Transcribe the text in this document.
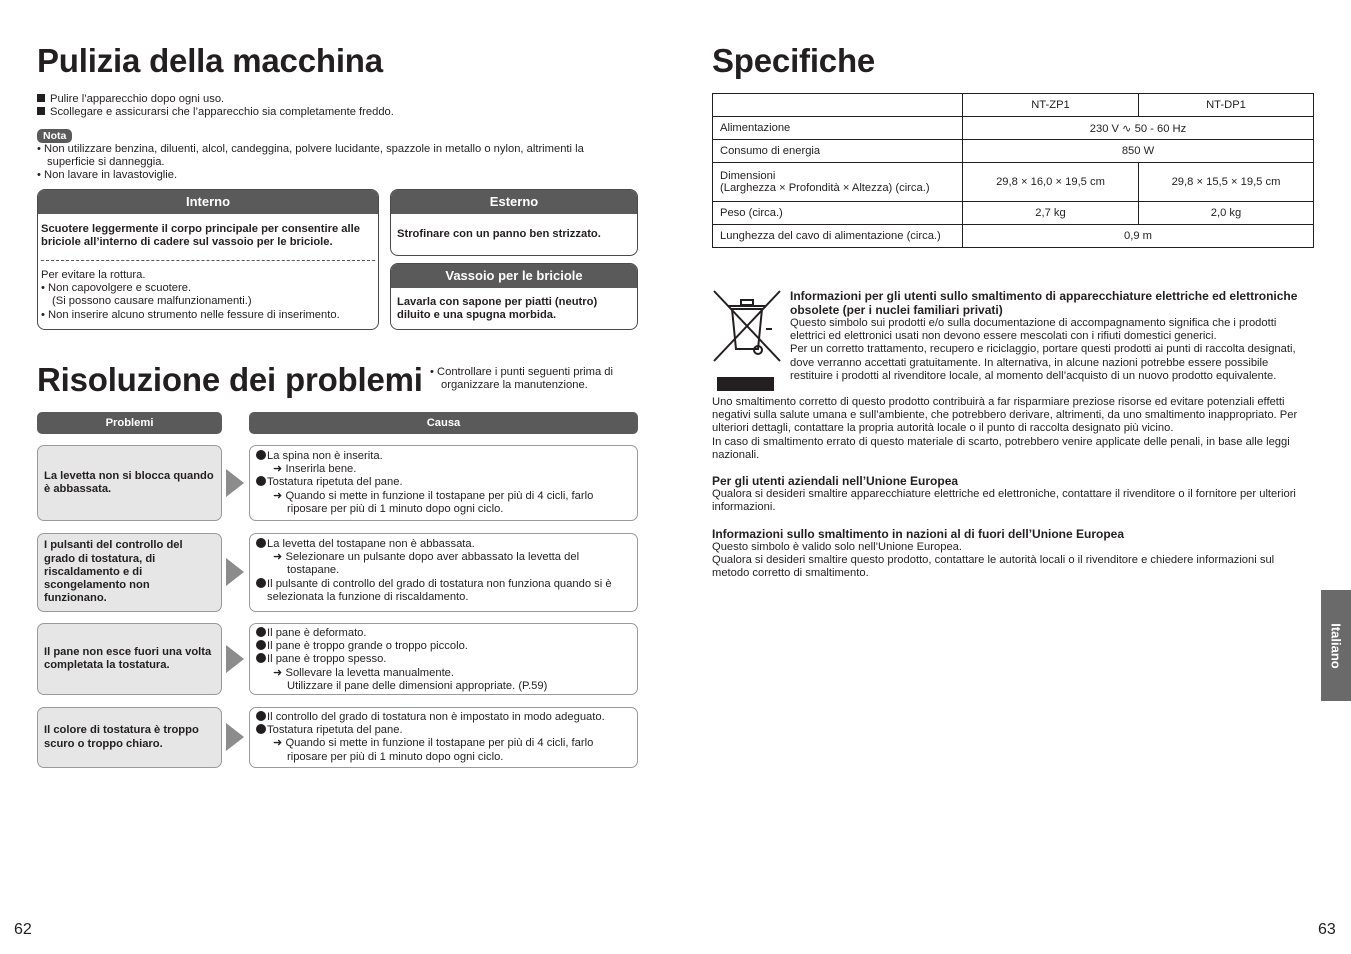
Pulizia della macchina
Pulire l’apparecchio dopo ogni uso.
Scollegare e assicurarsi che l’apparecchio sia completamente freddo.
Nota

• Non utilizzare benzina, diluenti, alcol, candeggina, polvere lucidante, spazzole in metallo o nylon, altrimenti la superficie si danneggia.

• Non lavare in lavastoviglie.

Interno
Scuotere leggermente il corpo principale per consentire alle briciole all’interno di cadere sul vassoio per le briciole.
Per evitare la rottura.
• Non capovolgere e scuotere.
(Si possono causare malfunzionamenti.)
• Non inserire alcuno strumento nelle fessure di inserimento.
Esterno
Strofinare con un panno ben strizzato.
Vassoio per le briciole
Lavarla con sapone per piatti (neutro) diluito e una spugna morbida.
Risoluzione dei problemi • Controllare i punti seguenti prima di organizzare la manutenzione.
Problemi	Causa
La levetta non si blocca quando è abbassata.

La spina non è inserita.

➜ Inserirla bene.

Tostatura ripetuta del pane.

➜ Quando si mette in funzione il tostapane per più di 4 cicli, farlo

riposare per più di 1 minuto dopo ogni ciclo.

I pulsanti del controllo del grado di tostatura, di riscaldamento e di scongelamento non funzionano.

La levetta del tostapane non è abbassata.

➜ Selezionare un pulsante dopo aver abbassato la levetta del

tostapane.

Il pulsante di controllo del grado di tostatura non funziona quando si è

selezionata la funzione di riscaldamento.

Il pane non esce fuori una volta completata la tostatura.

Il pane è deformato.

Il pane è troppo grande o troppo piccolo.

Il pane è troppo spesso.

➜ Sollevare la levetta manualmente.

Utilizzare il pane delle dimensioni appropriate. (P.59)

Il colore di tostatura è troppo scuro o troppo chiaro.

Il controllo del grado di tostatura non è impostato in modo adeguato.

Tostatura ripetuta del pane.

➜ Quando si mette in funzione il tostapane per più di 4 cicli, farlo

riposare per più di 1 minuto dopo ogni ciclo.

62
Specifiche
	NT-ZP1	NT-DP1
Alimentazione	230 V ∿ 50 - 60 Hz	
Consumo di energia	850 W	

Dimensioni
(Larghezza × Profondità × Altezza) (circa.)	29,8 × 16,0 × 19,5 cm	29,8 × 15,5 × 19,5 cm
Peso (circa.)	2,7 kg	2,0 kg
Lunghezza del cavo di alimentazione (circa.)	0,9 m	
Informazioni per gli utenti sullo smaltimento di apparecchiature elettriche ed elettroniche obsolete (per i nuclei familiari privati)
Questo simbolo sui prodotti e/o sulla documentazione di accompagnamento significa che i prodotti elettrici ed elettronici usati non devono essere mescolati con i rifiuti domestici generici.
Per un corretto trattamento, recupero e riciclaggio, portare questi prodotti ai punti di raccolta designati, dove verranno accettati gratuitamente. In alternativa, in alcune nazioni potrebbe essere possibile restituire i prodotti al rivenditore locale, al momento dell’acquisto di un nuovo prodotto equivalente.
Uno smaltimento corretto di questo prodotto contribuirà a far risparmiare preziose risorse ed evitare potenziali effetti negativi sulla salute umana e sull’ambiente, che potrebbero derivare, altrimenti, da uno smaltimento inappropriato. Per ulteriori dettagli, contattare la propria autorità locale o il punto di raccolta designato più vicino.
In caso di smaltimento errato di questo materiale di scarto, potrebbero venire applicate delle penali, in base alle leggi nazionali.
Per gli utenti aziendali nell’Unione Europea
Qualora si desideri smaltire apparecchiature elettriche ed elettroniche, contattare il rivenditore o il fornitore per ulteriori informazioni.
Informazioni sullo smaltimento in nazioni al di fuori dell’Unione Europea
Questo simbolo è valido solo nell’Unione Europea.
Qualora si desideri smaltire questo prodotto, contattare le autorità locali o il rivenditore e chiedere informazioni sul metodo corretto di smaltimento.
Italiano
63
